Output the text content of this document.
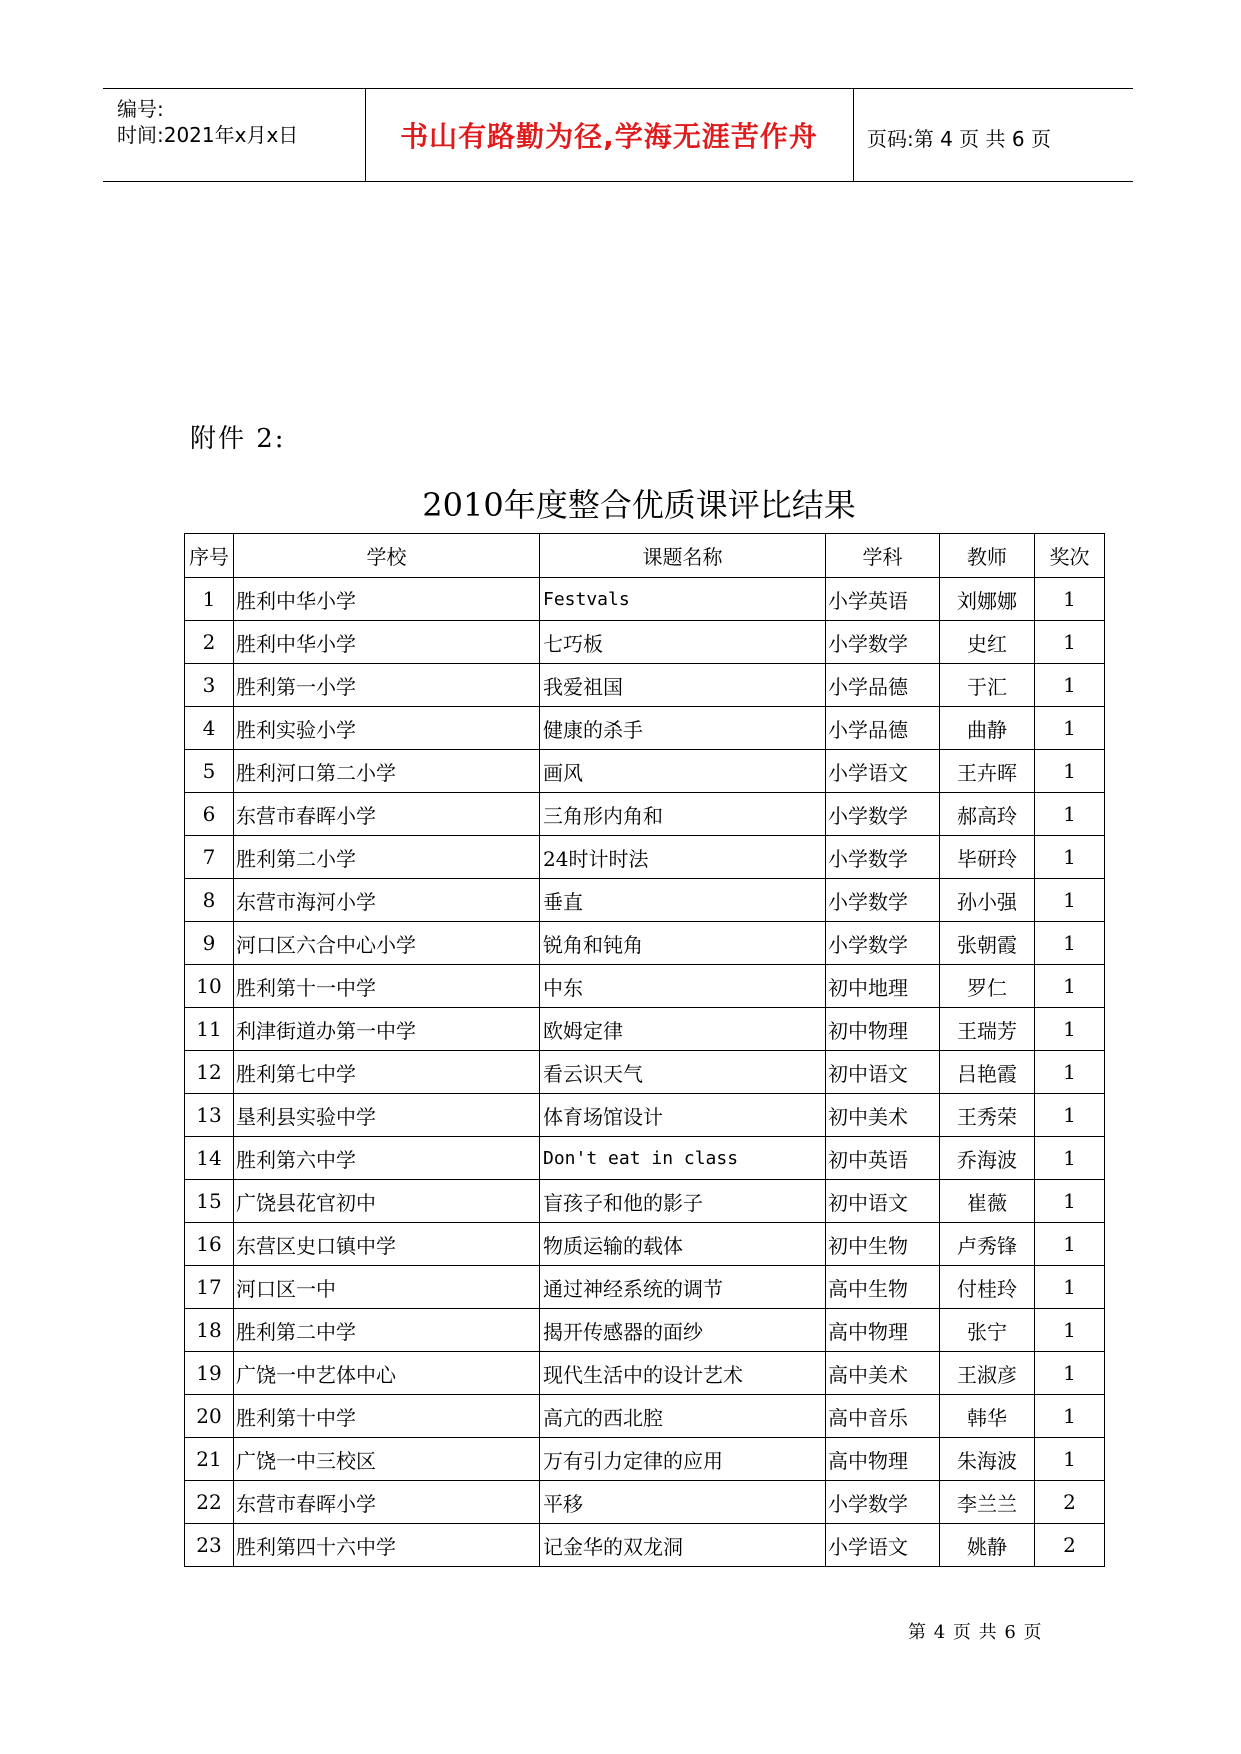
编号:
时间:2021年x月x日	书山有路勤为径,学海无涯苦作舟	页码:第 4 页 共 6 页
附件 2:
2010年度整合优质课评比结果
序号	学校	课题名称	学科	教师	奖次
1	胜利中华小学	Festvals	小学英语	刘娜娜	1
2	胜利中华小学	七巧板	小学数学	史红	1
3	胜利第一小学	我爱祖国	小学品德	于汇	1
4	胜利实验小学	健康的杀手	小学品德	曲静	1
5	胜利河口第二小学	画风	小学语文	王卉晖	1
6	东营市春晖小学	三角形内角和	小学数学	郝高玲	1
7	胜利第二小学	24时计时法	小学数学	毕研玲	1
8	东营市海河小学	垂直	小学数学	孙小强	1
9	河口区六合中心小学	锐角和钝角	小学数学	张朝霞	1
10	胜利第十一中学	中东	初中地理	罗仁	1
11	利津街道办第一中学	欧姆定律	初中物理	王瑞芳	1
12	胜利第七中学	看云识天气	初中语文	吕艳霞	1
13	垦利县实验中学	体育场馆设计	初中美术	王秀荣	1
14	胜利第六中学	Don't eat in class	初中英语	乔海波	1
15	广饶县花官初中	盲孩子和他的影子	初中语文	崔薇	1
16	东营区史口镇中学	物质运输的载体	初中生物	卢秀锋	1
17	河口区一中	通过神经系统的调节	高中生物	付桂玲	1
18	胜利第二中学	揭开传感器的面纱	高中物理	张宁	1
19	广饶一中艺体中心	现代生活中的设计艺术	高中美术	王淑彦	1
20	胜利第十中学	高亢的西北腔	高中音乐	韩华	1
21	广饶一中三校区	万有引力定律的应用	高中物理	朱海波	1
22	东营市春晖小学	平移	小学数学	李兰兰	2
23	胜利第四十六中学	记金华的双龙洞	小学语文	姚静	2
第 4 页 共 6 页
